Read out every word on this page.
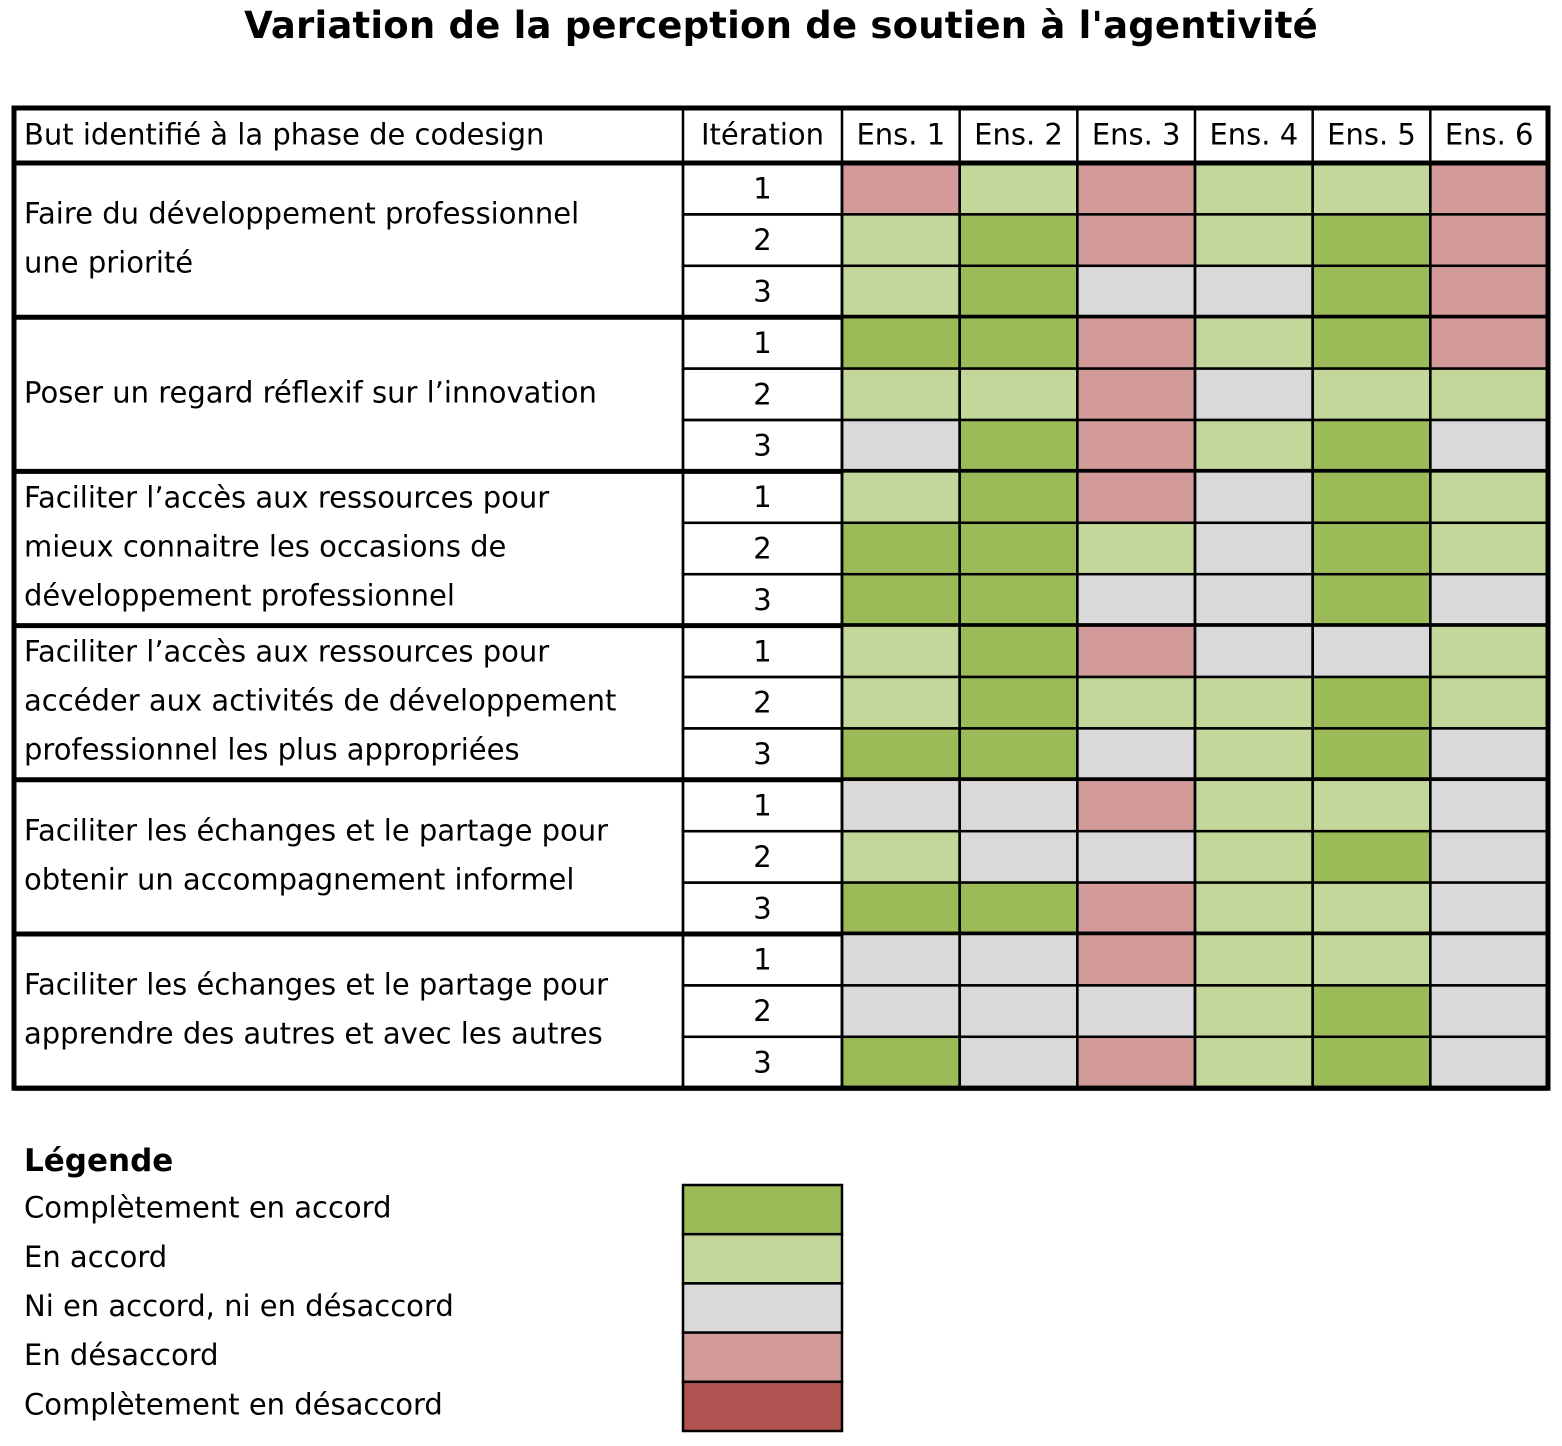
Variation de la perception de soutien à l'agentivité
But identifié à la phase de codesign	Itération Ens. 1 Ens. 2 Ens. 3 Ens. 4 Ens. 5 Ens. 6
1
2
3
Faire du développement professionnel
une priorité
1
2
3
Poser un regard réflexif sur l’innovation
1
2
3
Faciliter l’accès aux ressources pour
mieux connaitre les occasions de
développement professionnel
1
2
3
Faciliter l’accès aux ressources pour
accéder aux activités de développement
professionnel les plus appropriées
1
2
3
Faciliter les échanges et le partage pour
obtenir un accompagnement informel
1
2
3
Faciliter les échanges et le partage pour
apprendre des autres et avec les autres
Complètement en accord
En accord
Ni en accord, ni en désaccord
En désaccord
Complètement en désaccord
Légende
